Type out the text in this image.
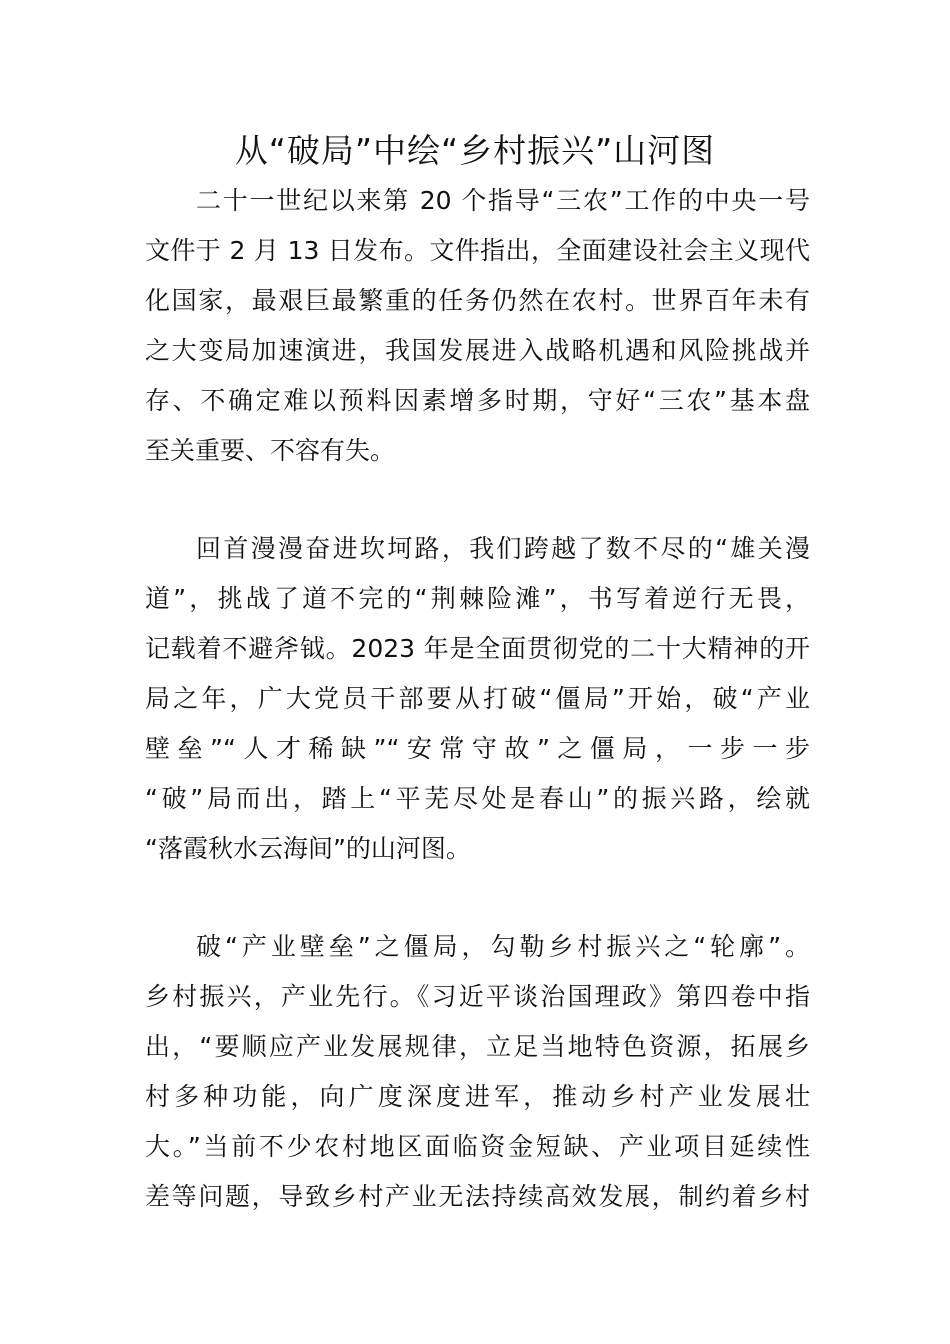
从“破局”中绘“乡村振兴”山河图

二十一世纪以来第 20 个指导“三农”工作的中央一号

文件于 2 月 13 日发布。文件指出，全面建设社会主义现代

化国家，最艰巨最繁重的任务仍然在农村。世界百年未有

之大变局加速演进，我国发展进入战略机遇和风险挑战并

存、不确定难以预料因素增多时期，守好“三农”基本盘

至关重要、不容有失。

回首漫漫奋进坎坷路，我们跨越了数不尽的“雄关漫

道”，挑战了道不完的“荆棘险滩”，书写着逆行无畏，

记载着不避斧钺。2023 年是全面贯彻党的二十大精神的开

局之年，广大党员干部要从打破“僵局”开始，破“产业

壁垒”“人才稀缺”“安常守故”之僵局，一步一步

“破”局而出，踏上“平芜尽处是春山”的振兴路，绘就

“落霞秋水云海间”的山河图。

破“产业壁垒”之僵局，勾勒乡村振兴之“轮廓”。

乡村振兴，产业先行。《习近平谈治国理政》第四卷中指

出，“要顺应产业发展规律，立足当地特色资源，拓展乡

村多种功能，向广度深度进军，推动乡村产业发展壮

大。”当前不少农村地区面临资金短缺、产业项目延续性

差等问题，导致乡村产业无法持续高效发展，制约着乡村
